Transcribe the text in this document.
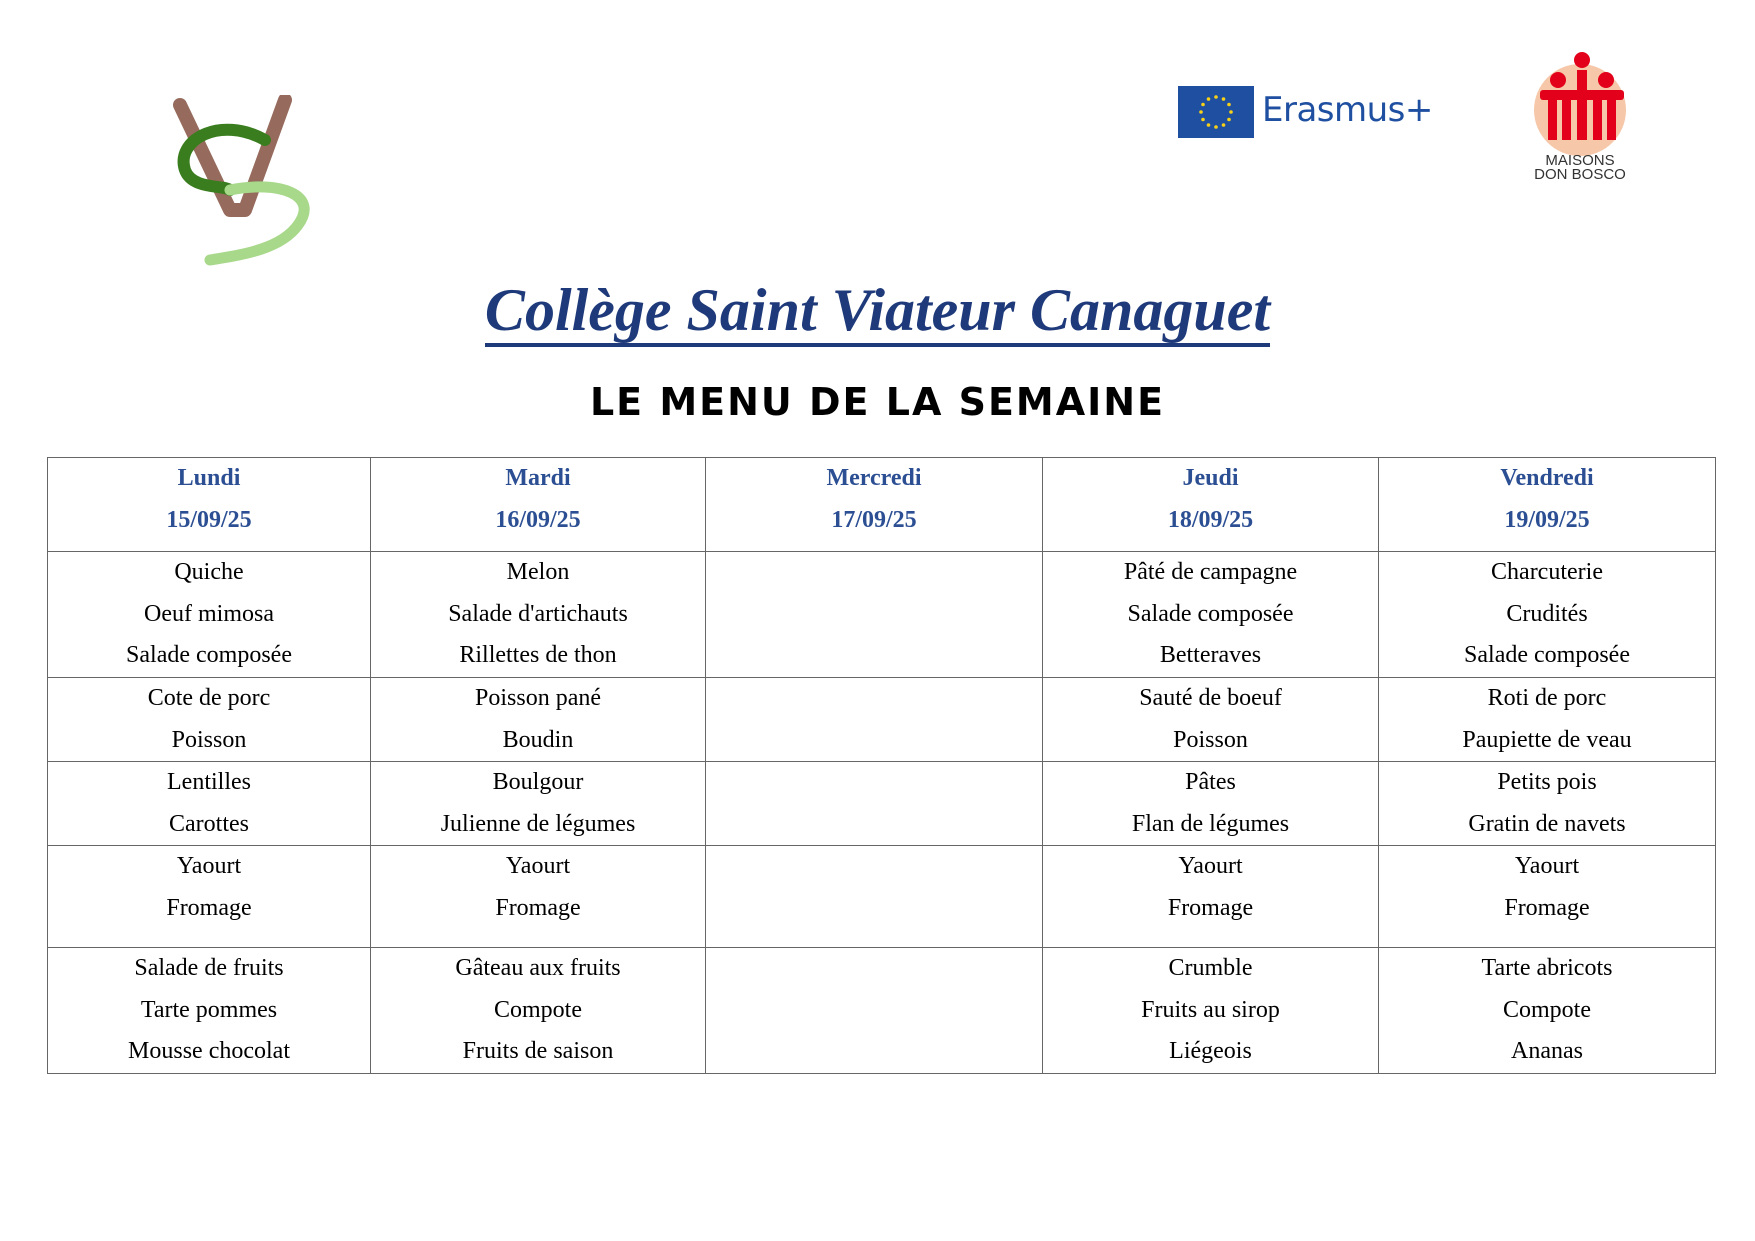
Erasmus+
MAISONS
DON BOSCO
Collège Saint Viateur Canaguet
LE MENU DE LA SEMAINE
Lundi
15/09/25	Mardi
16/09/25	Mercredi
17/09/25	Jeudi
18/09/25	Vendredi
19/09/25

Quiche
Oeuf mimosa
Salade composée	Melon
Salade d'artichauts
Rillettes de thon		Pâté de campagne
Salade composée
Betteraves	Charcuterie
Crudités
Salade composée

Cote de porc
Poisson	Poisson pané
Boudin		Sauté de boeuf
Poisson	Roti de porc
Paupiette de veau

Lentilles
Carottes	Boulgour
Julienne de légumes		Pâtes
Flan de légumes	Petits pois
Gratin de navets

Yaourt
Fromage	Yaourt
Fromage		Yaourt
Fromage	Yaourt
Fromage

Salade de fruits
Tarte pommes
Mousse chocolat	Gâteau aux fruits
Compote
Fruits de saison		Crumble
Fruits au sirop
Liégeois	Tarte abricots
Compote
Ananas
